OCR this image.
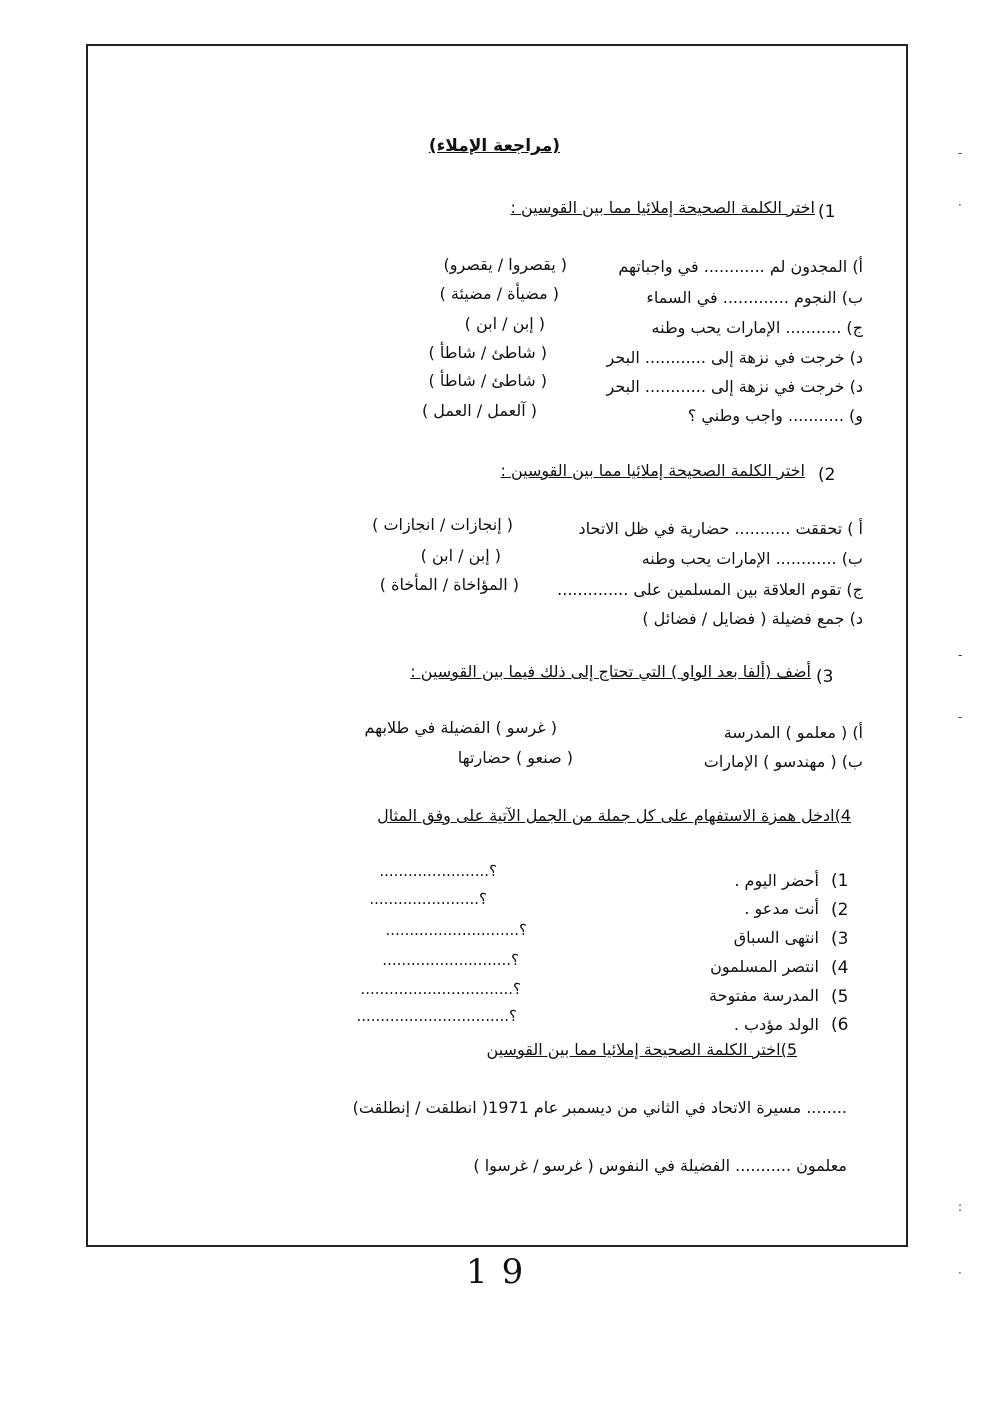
(مراجعة الإملاء)
1)
اختر الكلمة الصحيحة إملائيا مما بين القوسين :
أ) المجدون لم ............ في واجباتهم
( يقصروا / يقصرو)
ب) النجوم ............. في السماء
( مضيأة / مضيئة )
ج) ........... الإمارات يحب وطنه
( إبن / ابن )
د) خرجت في نزهة إلى ............ البحر
( شاطئ / شاطأ )
د) خرجت في نزهة إلى ............ البحر
( شاطئ / شاطأ )
و) ........... واجب وطني ؟
( آلعمل / العمل )
2)
اختر الكلمة الصحيحة إملائيا مما بين القوسين :
أ ) تحققت ........... حضارية في ظل الاتحاد
( إنجازات / انجازات )
ب) ............ الإمارات يحب وطنه
( إبن / ابن )
ج) تقوم العلاقة بين المسلمين على ..............
( المؤاخاة / المأخاة )
د) جمع فضيلة ( فضايل / فضائل )
3)
أضف (ألفا بعد الواو ) التي تحتاج إلى ذلك فيما بين القوسين :
أ) ( معلمو ) المدرسة
( غرسو ) الفضيلة في طلابهم
ب) ( مهندسو ) الإمارات
( صنعو ) حضارتها
4)ادخل همزة الاستفهام على كل جملة من الجمل الآتية على وفق المثال
1)
أحضر اليوم .
؟.......................
2)
أنت مدعو .
؟.......................
3)
انتهى السباق
؟............................
4)
انتصر المسلمون
؟...........................
5)
المدرسة مفتوحة
؟................................
6)
الولد مؤدب .
؟................................
5)اختر الكلمة الصحيحة إملائيا مما بين القوسين
........ مسيرة الاتحاد في الثاني من ديسمبر عام 1971( انطلقت / إنطلقت)
معلمون ........... الفضيلة في النفوس ( غرسو / غرسوا )
19
-
·
-
-
:
·
